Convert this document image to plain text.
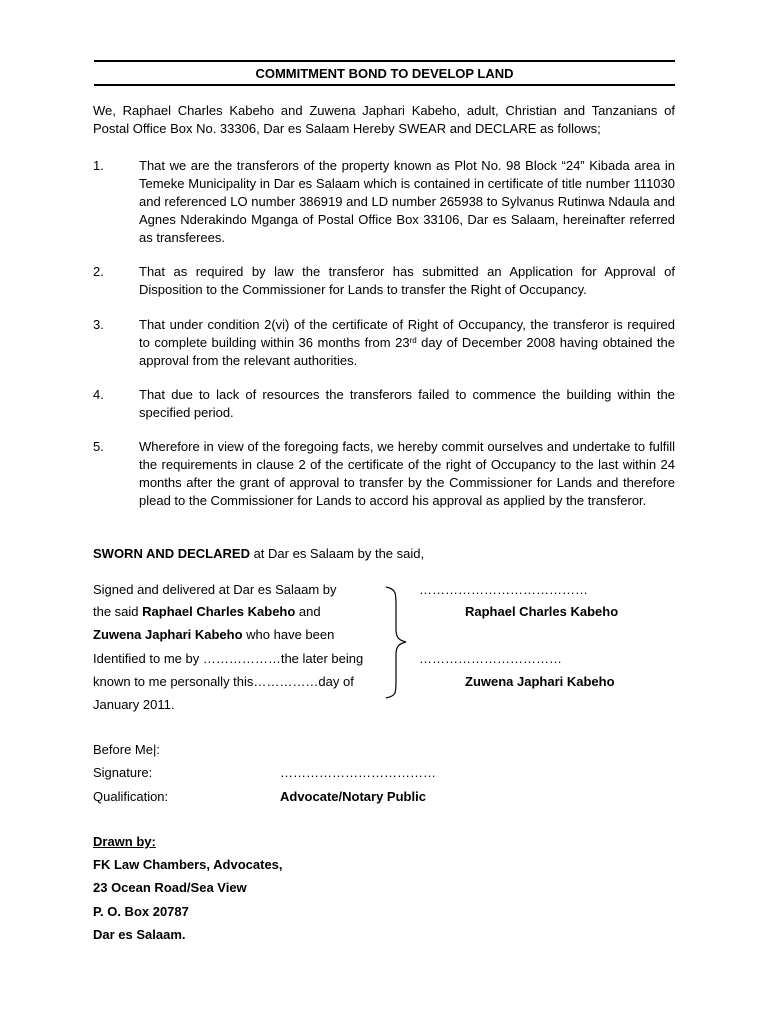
COMMITMENT BOND TO DEVELOP LAND
We, Raphael Charles Kabeho and Zuwena Japhari Kabeho, adult, Christian and Tanzanians of Postal Office Box No. 33306, Dar es Salaam Hereby SWEAR and DECLARE as follows;
1.	That we are the transferors of the property known as Plot No. 98 Block “24” Kibada area in Temeke Municipality in Dar es Salaam which is contained in certificate of title number 111030 and referenced LO number 386919 and LD number 265938 to Sylvanus Rutinwa Ndaula and Agnes Nderakindo Mganga of Postal Office Box 33106, Dar es Salaam, hereinafter referred as transferees.
2.	That as required by law the transferor has submitted an Application for Approval of Disposition to the Commissioner for Lands to transfer the Right of Occupancy.
3.	That under condition 2(vi) of the certificate of Right of Occupancy, the transferor is required to complete building within 36 months from 23rd day of December 2008 having obtained the approval from the relevant authorities.
4.	That due to lack of resources the transferors failed to commence the building within the specified period.
5.	Wherefore in view of the foregoing facts, we hereby commit ourselves and undertake to fulfill the requirements in clause 2 of the certificate of the right of Occupancy to the last within 24 months after the grant of approval to transfer by the Commissioner for Lands and therefore plead to the Commissioner for Lands to accord his approval as applied by the transferor.
SWORN AND DECLARED at Dar es Salaam by the said,
Signed and delivered at Dar es Salaam by
the said Raphael Charles Kabeho and
Zuwena Japhari Kabeho who have been
Identified to me by ………………the later being
known to me personally this……………day of
January 2011.
…………………………………
Raphael Charles Kabeho
……………………………
Zuwena Japhari Kabeho
Before Me|:
Signature:	………………………………
Qualification:	Advocate/Notary Public
Drawn by:
FK Law Chambers, Advocates,
23 Ocean Road/Sea View
P. O. Box 20787
Dar es Salaam.
